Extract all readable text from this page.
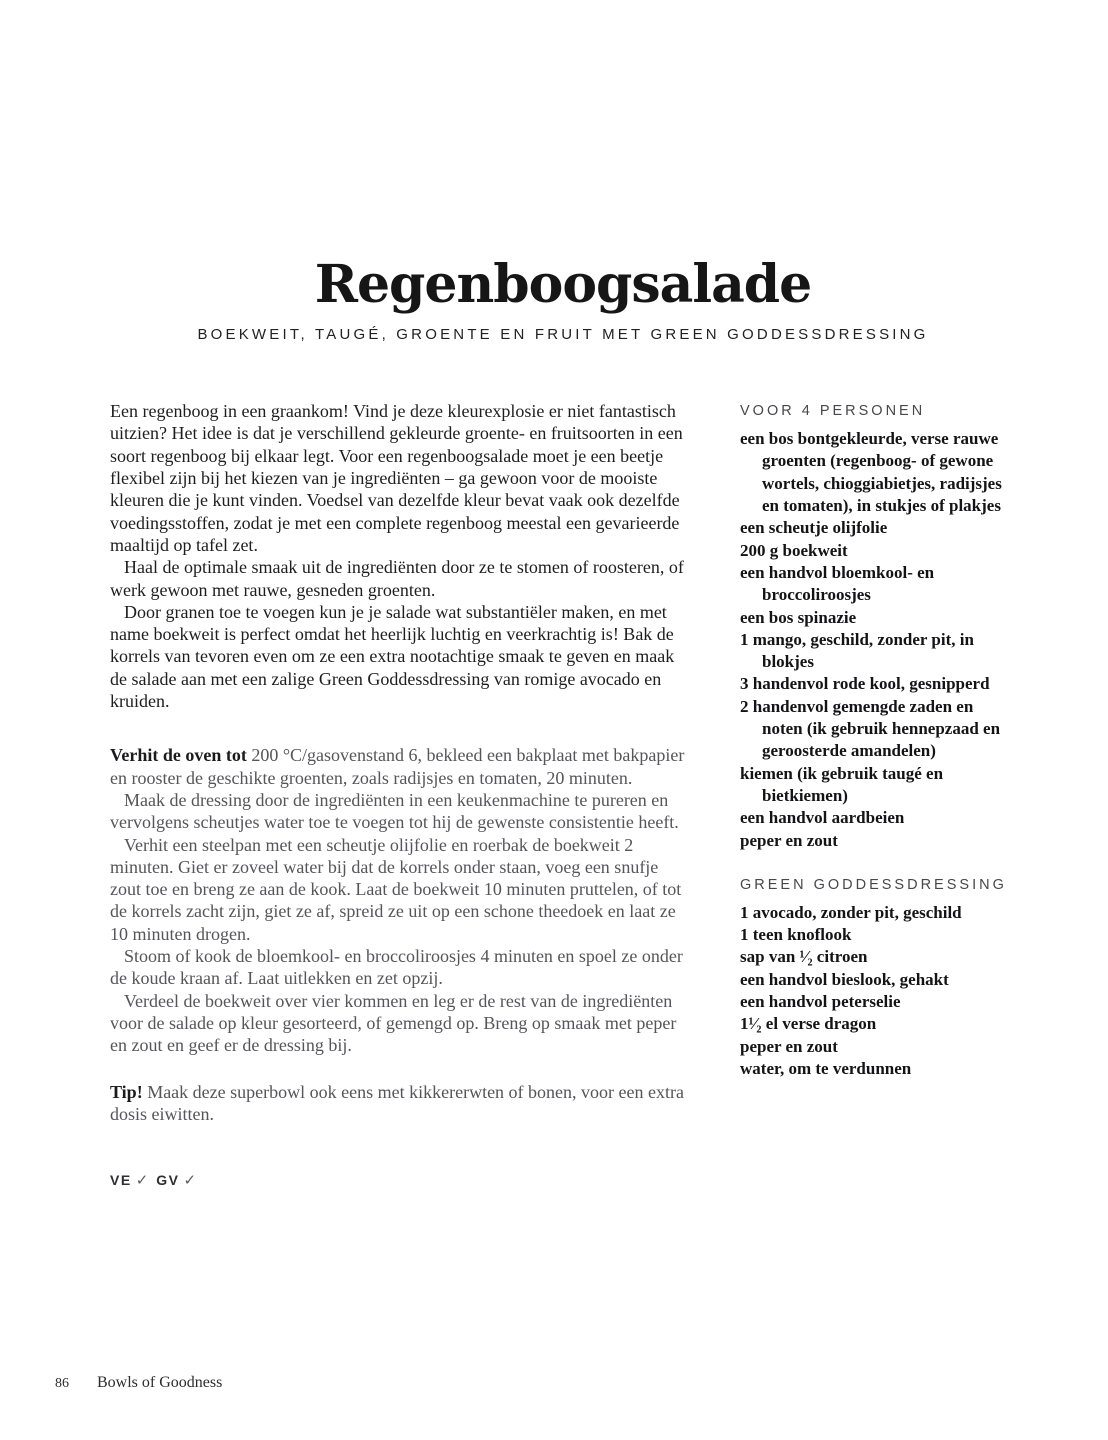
Regenboogsalade
BOEKWEIT, TAUGÉ, GROENTE EN FRUIT MET GREEN GODDESSDRESSING

Een regenboog in een graankom! Vind je deze kleurexplosie er niet fantastisch uitzien? Het idee is dat je verschillend gekleurde groente- en fruitsoorten in een soort regenboog bij elkaar legt. Voor een regenboogsalade moet je een beetje flexibel zijn bij het kiezen van je ingrediënten – ga gewoon voor de mooiste kleuren die je kunt vinden. Voedsel van dezelfde kleur bevat vaak ook dezelfde voedingsstoffen, zodat je met een complete regenboog meestal een gevarieerde maaltijd op tafel zet.

Haal de optimale smaak uit de ingrediënten door ze te stomen of roosteren, of werk gewoon met rauwe, gesneden groenten.

Door granen toe te voegen kun je je salade wat substantiëler maken, en met name boekweit is perfect omdat het heerlijk luchtig en veerkrachtig is! Bak de korrels van tevoren even om ze een extra nootachtige smaak te geven en maak de salade aan met een zalige Green Goddessdressing van romige avocado en kruiden.

Verhit de oven tot 200 °C/gasovenstand 6, bekleed een bakplaat met bakpapier en rooster de geschikte groenten, zoals radijsjes en tomaten, 20 minuten.

Maak de dressing door de ingrediënten in een keukenmachine te pureren en vervolgens scheutjes water toe te voegen tot hij de gewenste consistentie heeft.

Verhit een steelpan met een scheutje olijfolie en roerbak de boekweit 2 minuten. Giet er zoveel water bij dat de korrels onder staan, voeg een snufje zout toe en breng ze aan de kook. Laat de boekweit 10 minuten pruttelen, of tot de korrels zacht zijn, giet ze af, spreid ze uit op een schone theedoek en laat ze 10 minuten drogen.

Stoom of kook de bloemkool- en broccoliroosjes 4 minuten en spoel ze onder de koude kraan af. Laat uitlekken en zet opzij.

Verdeel de boekweit over vier kommen en leg er de rest van de ingrediënten voor de salade op kleur gesorteerd, of gemengd op. Breng op smaak met peper en zout en geef er de dressing bij.

Tip! Maak deze superbowl ook eens met kikkererwten of bonen, voor een extra dosis eiwitten.

VE ✓ GV ✓
VOOR 4 PERSONEN
een bos bontgekleurde, verse rauwe groenten (regenboog- of gewone wortels, chioggiabietjes, radijsjes en tomaten), in stukjes of plakjes
een scheutje olijfolie
200 g boekweit
een handvol bloemkool- en broccoliroosjes
een bos spinazie
1 mango, geschild, zonder pit, in blokjes
3 handenvol rode kool, gesnipperd
2 handenvol gemengde zaden en noten (ik gebruik hennepzaad en geroosterde amandelen)
kiemen (ik gebruik taugé en bietkiemen)
een handvol aardbeien
peper en zout
GREEN GODDESSDRESSING
1 avocado, zonder pit, geschild
1 teen knoflook
sap van ¹⁄₂ citroen
een handvol bieslook, gehakt
een handvol peterselie
1¹⁄₂ el verse dragon
peper en zout
water, om te verdunnen
86 Bowls of Goodness
